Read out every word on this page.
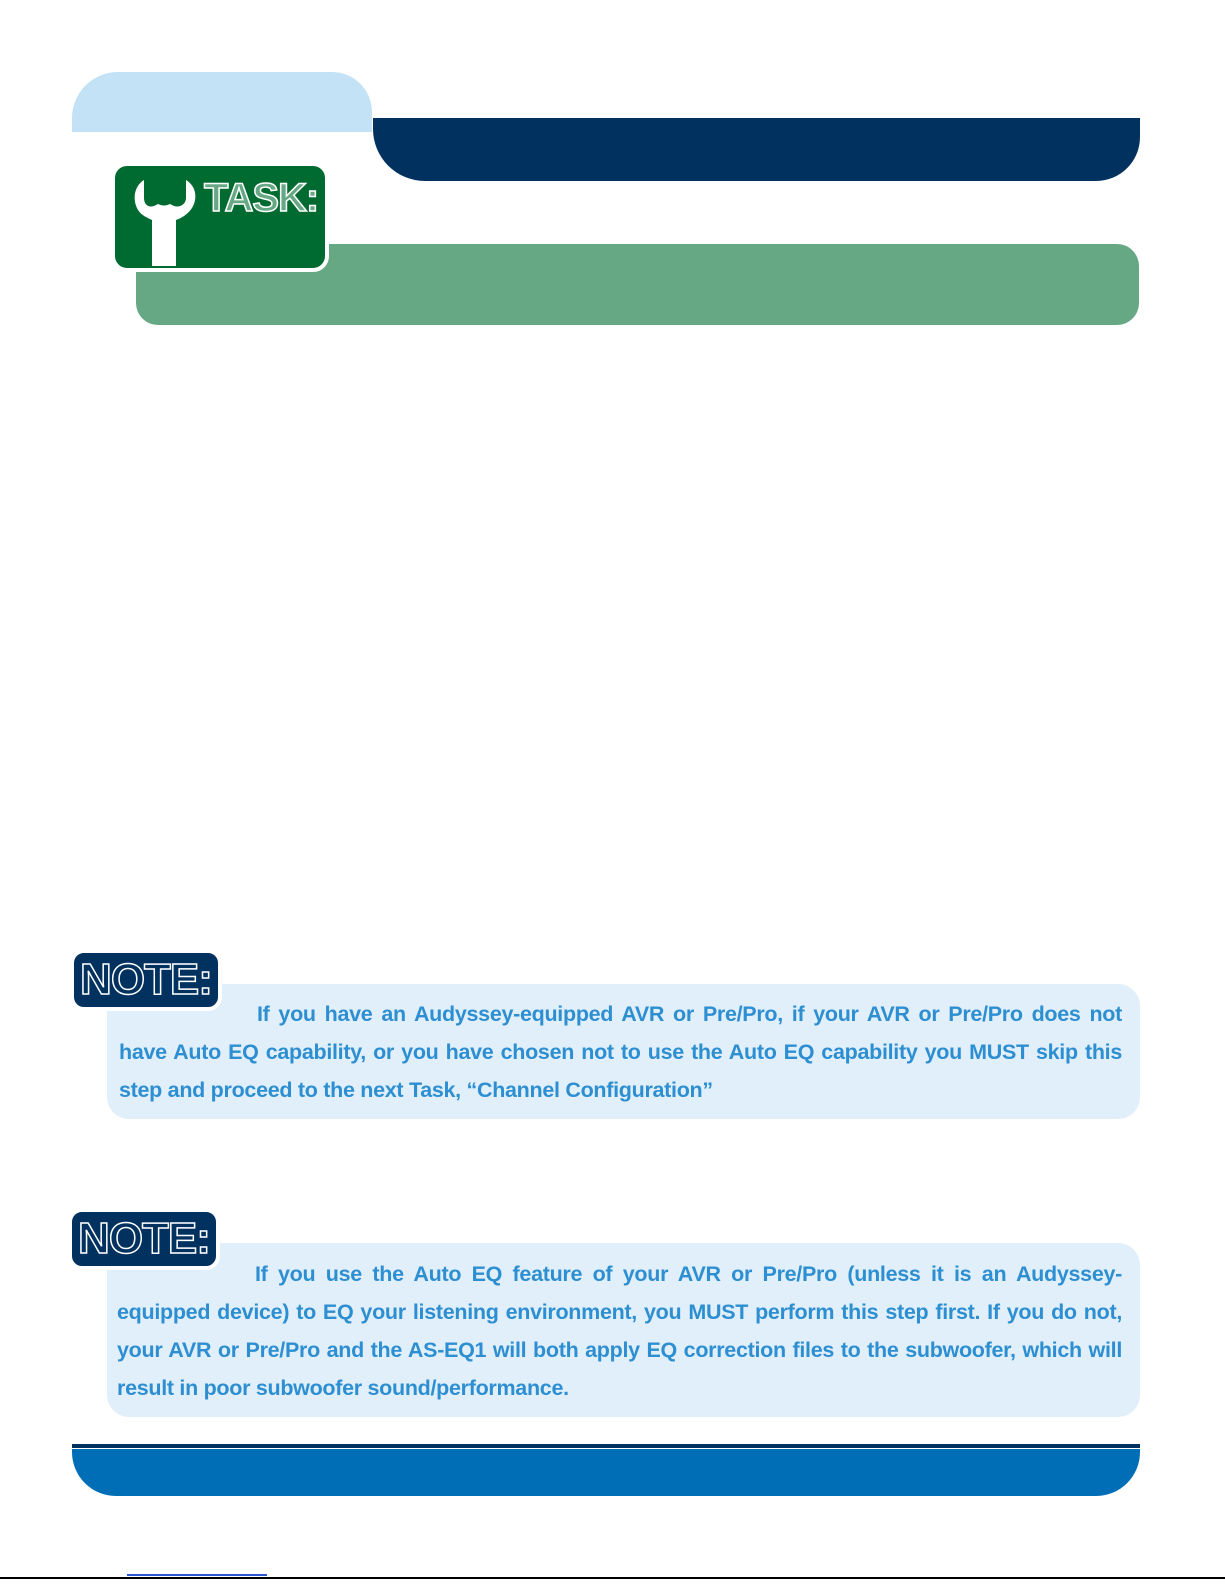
TASK:
NOTE:
If you have an Audyssey-equipped AVR or Pre/Pro, if your AVR or Pre/Pro does not have Auto EQ capability, or you have chosen not to use the Auto EQ capability you MUST skip this step and proceed to the next Task, “Channel Configuration”
NOTE:
If you use the Auto EQ feature of your AVR or Pre/Pro (unless it is an Audyssey-equipped device) to EQ your listening environment, you MUST perform this step first. If you do not, your AVR or Pre/Pro and the AS-EQ1 will both apply EQ correction files to the subwoofer, which will result in poor subwoofer sound/performance.
